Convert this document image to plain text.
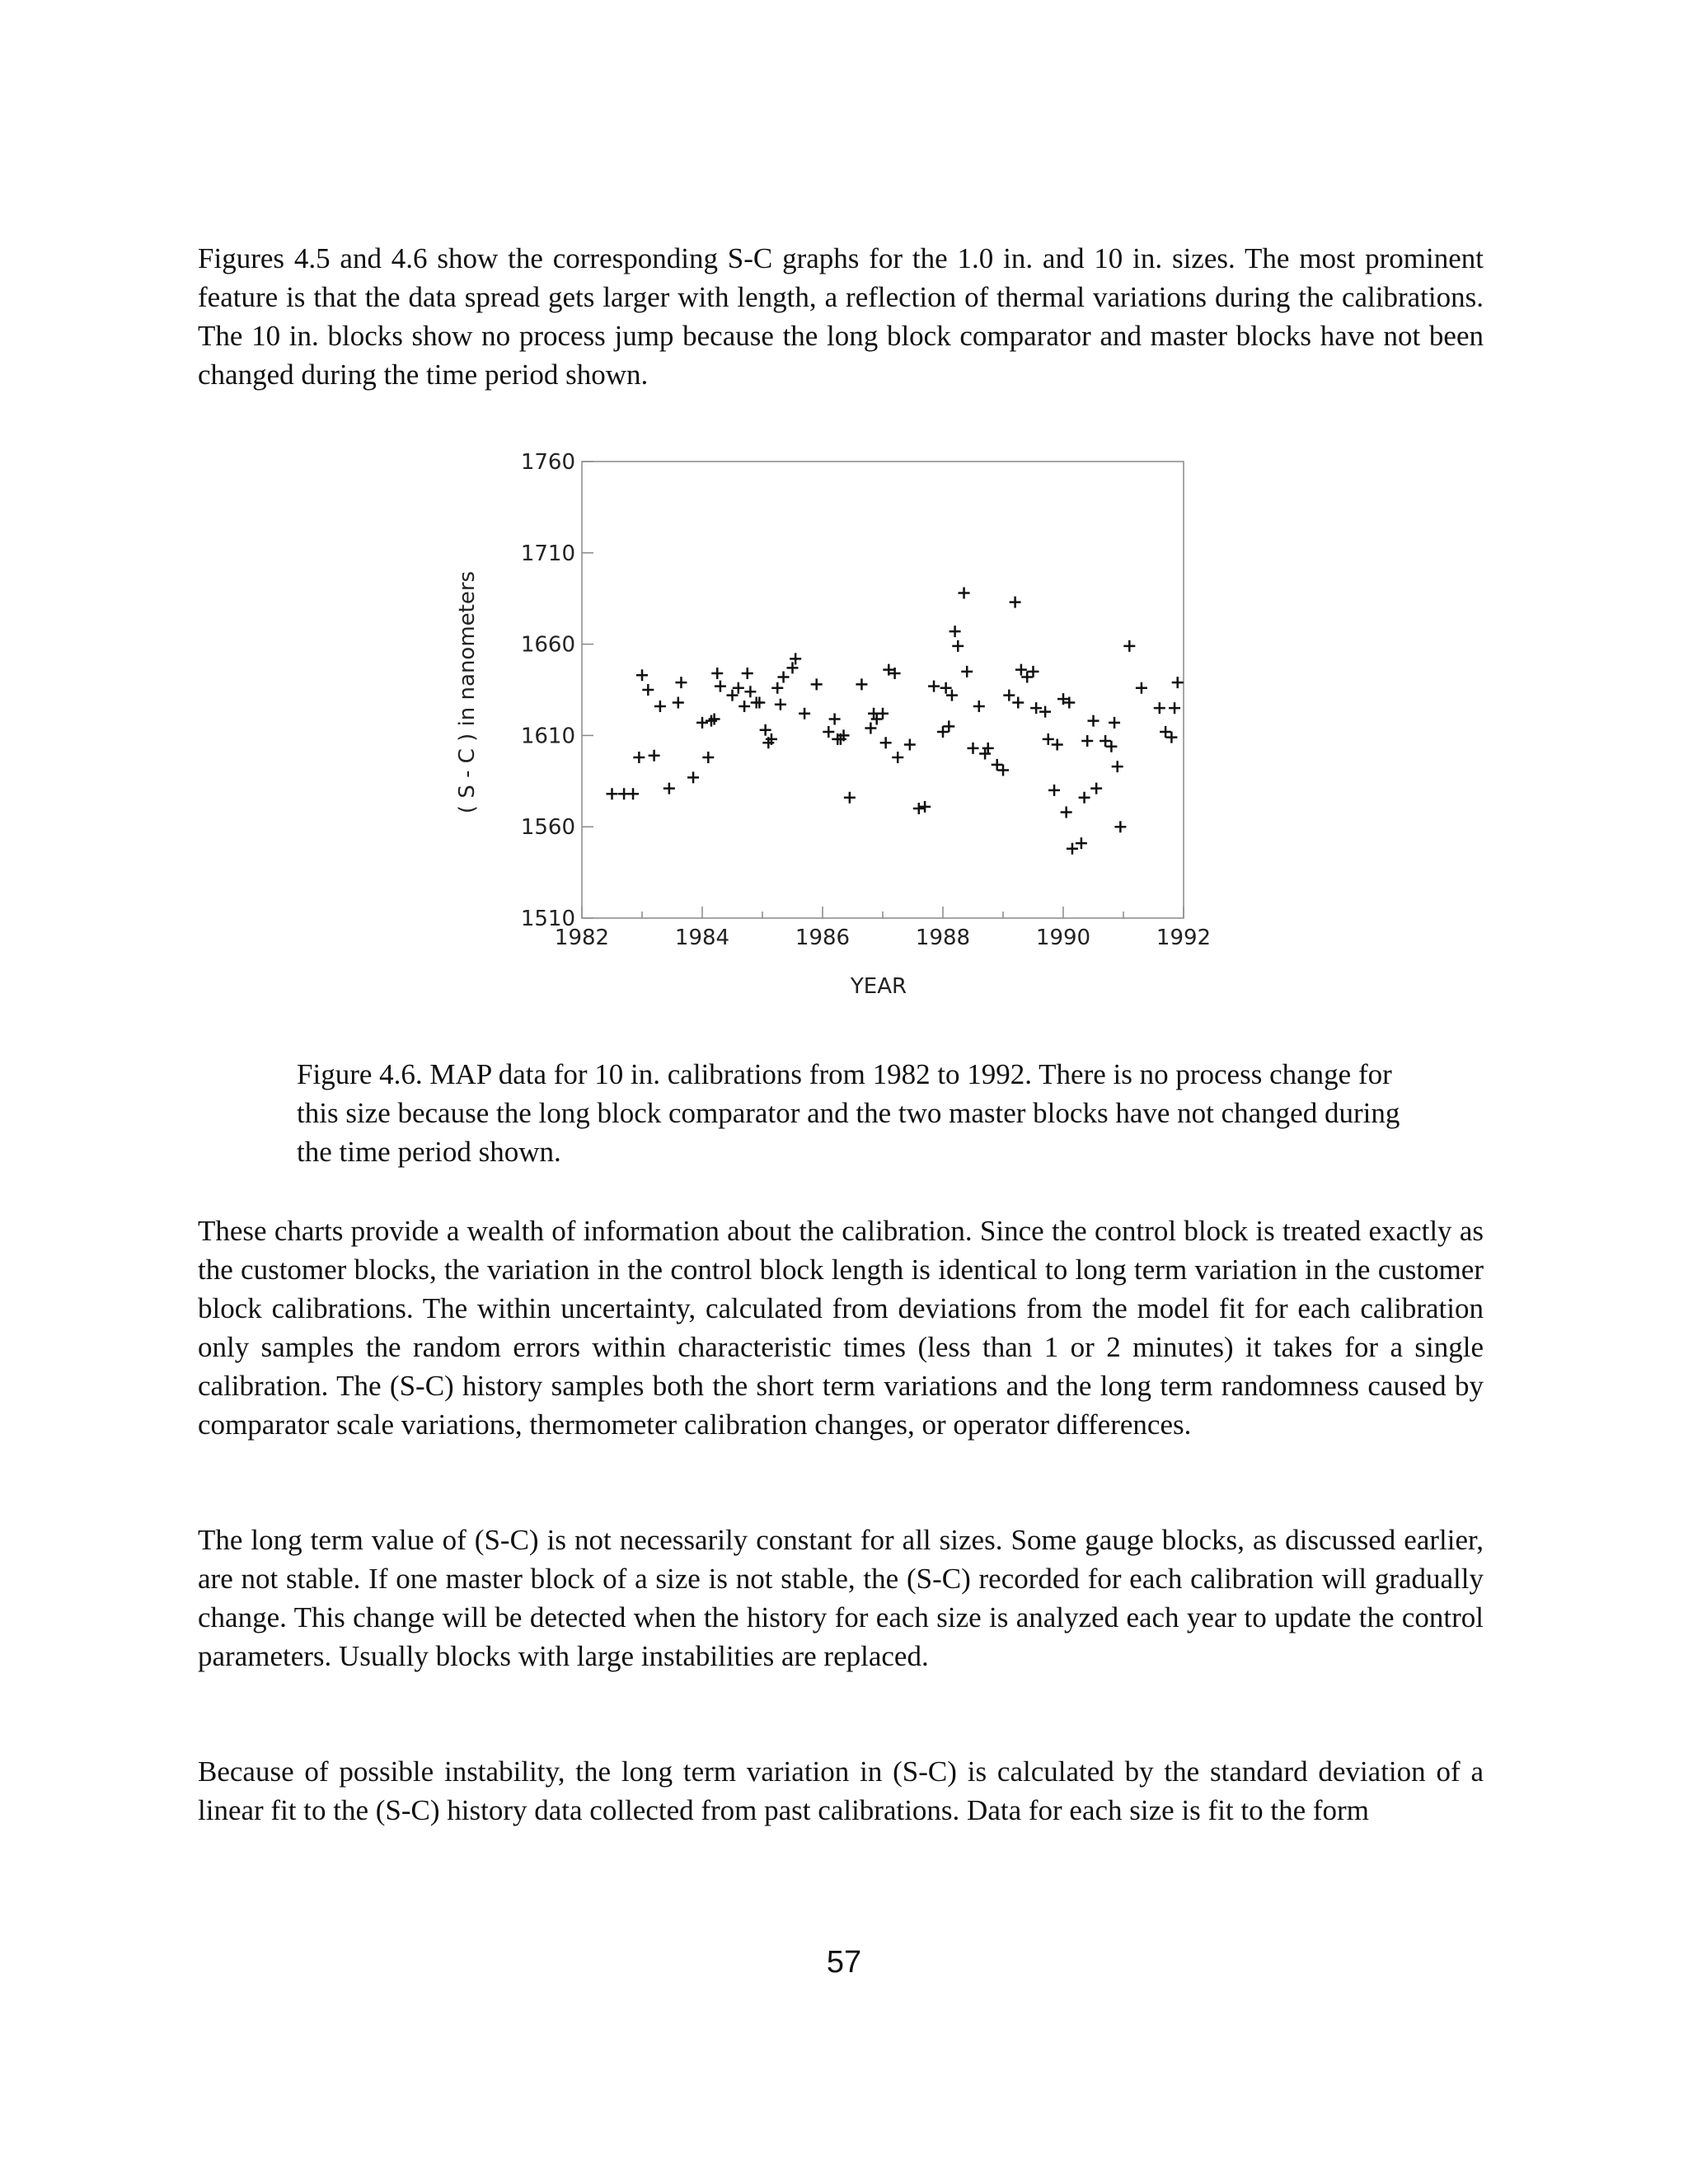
Figures 4.5 and 4.6 show the corresponding S-C graphs for the 1.0 in. and 10 in. sizes. The most prominent feature is that the data spread gets larger with length, a reflection of thermal variations during the calibrations. The 10 in. blocks show no process jump because the long block comparator and master blocks have not been changed during the time period shown.

YEAR
( S - C ) in nanometers
1510
1560
1610
1660
1710
1760
1982	1984	1986	1988	1990	1992

Figure 4.6. MAP data for 10 in. calibrations from 1982 to 1992. There is no process change for this size because the long block comparator and the two master blocks have not changed during the time period shown.

These charts provide a wealth of information about the calibration. Since the control block is treated exactly as the customer blocks, the variation in the control block length is identical to long term variation in the customer block calibrations. The within uncertainty, calculated from deviations from the model fit for each calibration only samples the random errors within characteristic times (less than 1 or 2 minutes) it takes for a single calibration. The (S-C) history samples both the short term variations and the long term randomness caused by comparator scale variations, thermometer calibration changes, or operator differences.

The long term value of (S-C) is not necessarily constant for all sizes. Some gauge blocks, as discussed earlier, are not stable. If one master block of a size is not stable, the (S-C) recorded for each calibration will gradually change. This change will be detected when the history for each size is analyzed each year to update the control parameters. Usually blocks with large instabilities are replaced.

Because of possible instability, the long term variation in (S-C) is calculated by the standard deviation of a linear fit to the (S-C) history data collected from past calibrations. Data for each size is fit to the form

57
